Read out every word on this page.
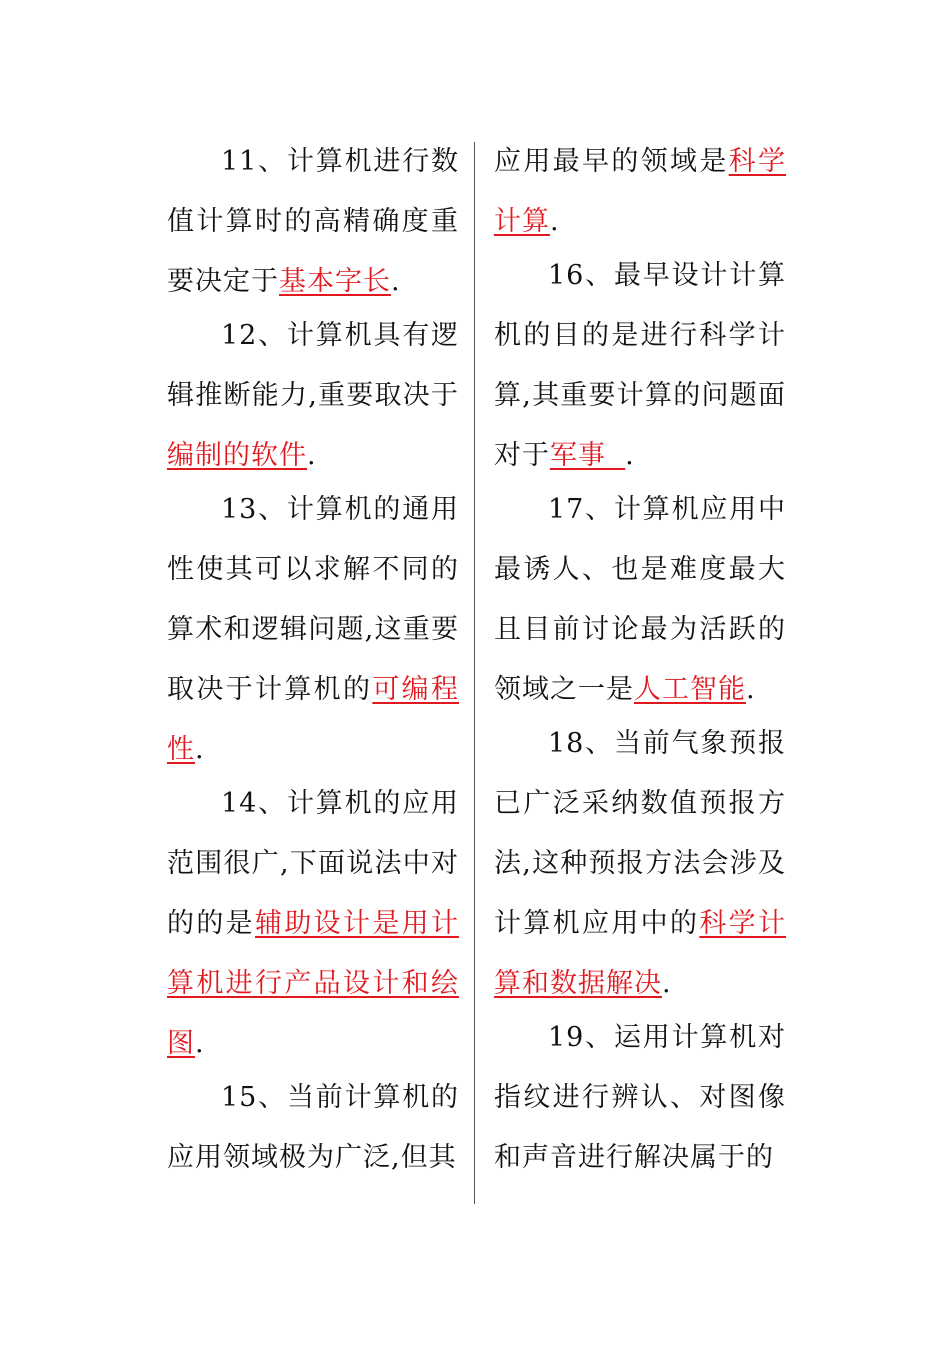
11、计算机进行数值计算时的高精确度重要决定于基本字长.

12、计算机具有逻辑推断能力,重要取决于编制的软件.

13、计算机的通用性使其可以求解不同的算术和逻辑问题,这重要取决于计算机的可编程性.

14、计算机的应用范围很广,下面说法中对的的是辅助设计是用计算机进行产品设计和绘图.

15、当前计算机的应用领域极为广泛,但其

应用最早的领域是科学计算.

16、最早设计计算机的目的是进行科学计算,其重要计算的问题面对于军事  .

17、计算机应用中最诱人、也是难度最大且目前讨论最为活跃的领域之一是人工智能.

18、当前气象预报已广泛采纳数值预报方法,这种预报方法会涉及计算机应用中的科学计算和数据解决.

19、运用计算机对指纹进行辨认、对图像和声音进行解决属于的
